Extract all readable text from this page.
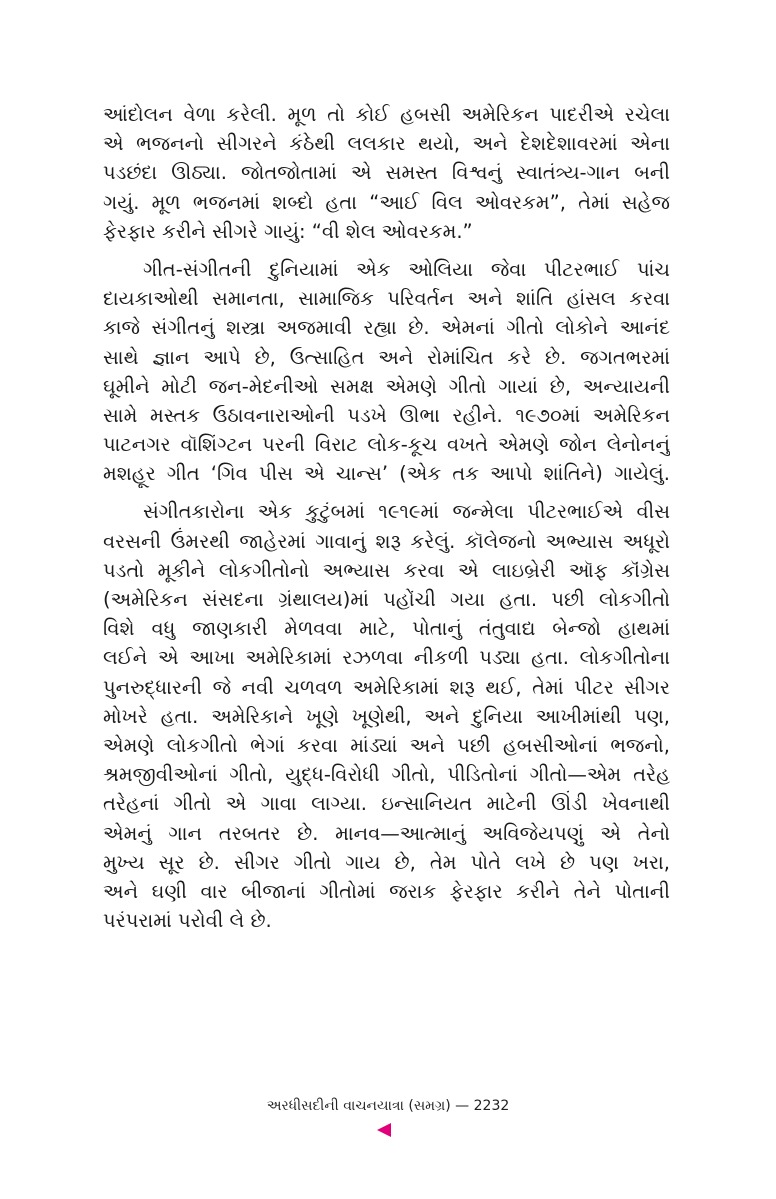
આંદોલન વેળા કરેલી. મૂળ તો કોઈ હબસી અમેરિકન પાદરીએ રચેલા
એ ભજનનો સીગરને કંઠેથી લલકાર થયો, અને દેશદેશાવરમાં એના
પડછંદા ઊઠ્યા. જોતજોતામાં એ સમસ્ત વિશ્વનું સ્વાતંત્ર્ય-ગાન બની
ગયું. મૂળ ભજનમાં શબ્દો હતા “આઈ વિલ ઓવરકમ”, તેમાં સહેજ
ફેરફાર કરીને સીગરે ગાયું: “વી શેલ ઓવરકમ.”
ગીત-સંગીતની દુનિયામાં એક ઓલિયા જેવા પીટરભાઈ પાંચ
દાયકાઓથી સમાનતા, સામાજિક પરિવર્તન અને શાંતિ હાંસલ કરવા
કાજે સંગીતનું શસ્ત્રા અજમાવી રહ્યા છે. એમનાં ગીતો લોકોને આનંદ
સાથે જ્ઞાન આપે છે, ઉત્સાહિત અને રોમાંચિત કરે છે. જગતભરમાં
ઘૂમીને મોટી જન-મેદનીઓ સમક્ષ એમણે ગીતો ગાયાં છે, અન્યાયની
સામે મસ્તક ઉઠાવનારાઓની પડખે ઊભા રહીને. ૧૯૭૦માં અમેરિકન
પાટનગર વૉશિંગ્ટન પરની વિરાટ લોક-કૂચ વખતે એમણે જોન લેનોનનું
મશહૂર ગીત ‘ગિવ પીસ એ ચાન્સ’ (એક તક આપો શાંતિને) ગાયેલું.
સંગીતકારોના એક કુટુંબમાં ૧૯૧૯માં જન્મેલા પીટરભાઈએ વીસ
વરસની ઉંમરથી જાહેરમાં ગાવાનું શરૂ કરેલું. કૉલેજનો અભ્યાસ અધૂરો
પડતો મૂકીને લોકગીતોનો અભ્યાસ કરવા એ લાઇબ્રેરી ઑફ કૉંગ્રેસ
(અમેરિકન સંસદના ગ્રંથાલય)માં પહોંચી ગયા હતા. પછી લોકગીતો
વિશે વધુ જાણકારી મેળવવા માટે, પોતાનું તંતુવાદ્ય બેન્જો હાથમાં
લઈને એ આખા અમેરિકામાં રઝળવા નીકળી પડ્યા હતા. લોકગીતોના
પુનરુદ્ધારની જે નવી ચળવળ અમેરિકામાં શરૂ થઈ, તેમાં પીટર સીગર
મોખરે હતા. અમેરિકાને ખૂણે ખૂણેથી, અને દુનિયા આખીમાંથી પણ,
એમણે લોકગીતો ભેગાં કરવા માંડ્યાં અને પછી હબસીઓનાં ભજનો,
શ્રમજીવીઓનાં ગીતો, યુદ્ધ-વિરોધી ગીતો, પીડિતોનાં ગીતો—એમ તરેહ
તરેહનાં ગીતો એ ગાવા લાગ્યા. ઇન્સાનિયત માટેની ઊંડી ખેવનાથી
એમનું ગાન તરબતર છે. માનવ—આત્માનું અવિજેયપણું એ તેનો
મુખ્ય સૂર છે. સીગર ગીતો ગાય છે, તેમ પોતે લખે છે પણ ખરા,
અને ઘણી વાર બીજાનાં ગીતોમાં જરાક ફેરફાર કરીને તેને પોતાની
પરંપરામાં પરોવી લે છે.
અરધીસદીની વાચનયાત્રા (સમગ્ર) — 2232
